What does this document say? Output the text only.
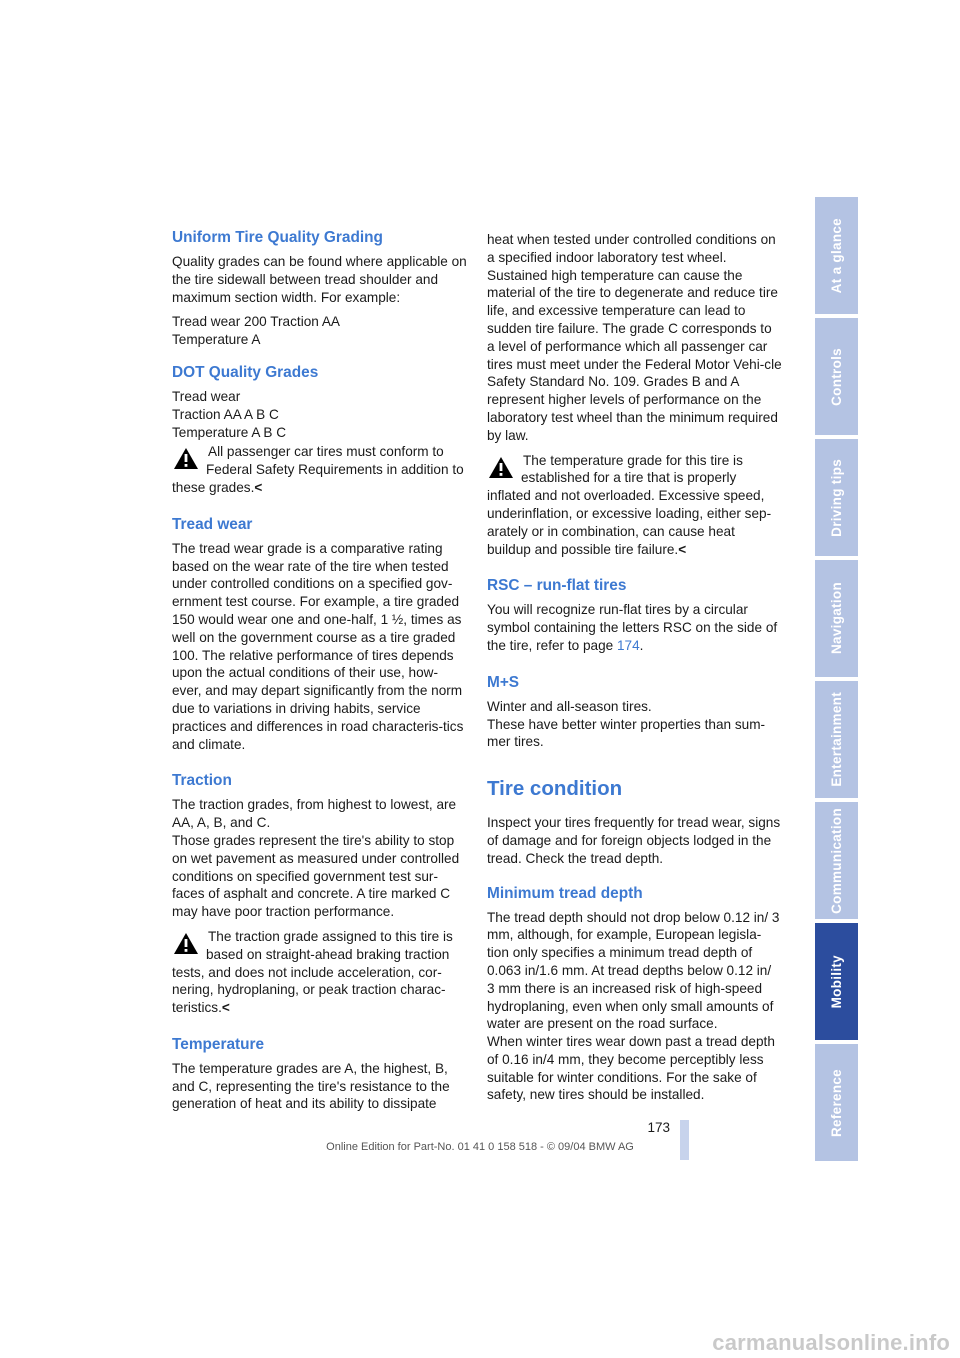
Uniform Tire Quality Grading

Quality grades can be found where applicable on the tire sidewall between tread shoulder and maximum section width. For example:

Tread wear 200 Traction AA
Temperature A

DOT Quality Grades

Tread wear
Traction AA A B C
Temperature A B C

All passenger car tires must conform to Federal Safety Requirements in addition to these grades.<
Tread wear

The tread wear grade is a comparative rating based on the wear rate of the tire when tested under controlled conditions on a specified gov-ernment test course. For example, a tire graded 150 would wear one and one-half, 1 ½, times as well on the government course as a tire graded 100. The relative performance of tires depends upon the actual conditions of their use, how-ever, and may depart significantly from the norm due to variations in driving habits, service practices and differences in road characteris-tics and climate.

Traction

The traction grades, from highest to lowest, are AA, A, B, and C.
Those grades represent the tire's ability to stop on wet pavement as measured under controlled conditions on specified government test sur-faces of asphalt and concrete. A tire marked C may have poor traction performance.

The traction grade assigned to this tire is based on straight-ahead braking traction tests, and does not include acceleration, cor-nering, hydroplaning, or peak traction charac-teristics.<
Temperature

The temperature grades are A, the highest, B, and C, representing the tire's resistance to the generation of heat and its ability to dissipate

heat when tested under controlled conditions on a specified indoor laboratory test wheel. Sustained high temperature can cause the material of the tire to degenerate and reduce tire life, and excessive temperature can lead to sudden tire failure. The grade C corresponds to a level of performance which all passenger car tires must meet under the Federal Motor Vehi-cle Safety Standard No. 109. Grades B and A represent higher levels of performance on the laboratory test wheel than the minimum required by law.

The temperature grade for this tire is established for a tire that is properly inflated and not overloaded. Excessive speed, underinflation, or excessive loading, either sep-arately or in combination, can cause heat buildup and possible tire failure.<
RSC – run-flat tires

You will recognize run-flat tires by a circular symbol containing the letters RSC on the side of the tire, refer to page 174.

M+S

Winter and all-season tires.
These have better winter properties than sum-mer tires.

Tire condition

Inspect your tires frequently for tread wear, signs of damage and for foreign objects lodged in the tread. Check the tread depth.

Minimum tread depth

The tread depth should not drop below 0.12 in/ 3 mm, although, for example, European legisla-tion only specifies a minimum tread depth of 0.063 in/1.6 mm. At tread depths below 0.12 in/ 3 mm there is an increased risk of high-speed hydroplaning, even when only small amounts of water are present on the road surface.
When winter tires wear down past a tread depth of 0.16 in/4 mm, they become perceptibly less suitable for winter conditions. For the sake of safety, new tires should be installed.

At a glance
Controls
Driving tips
Navigation
Entertainment
Communication
Mobility
Reference
173
Online Edition for Part-No. 01 41 0 158 518 - © 09/04 BMW AG
carmanualsonline.info
